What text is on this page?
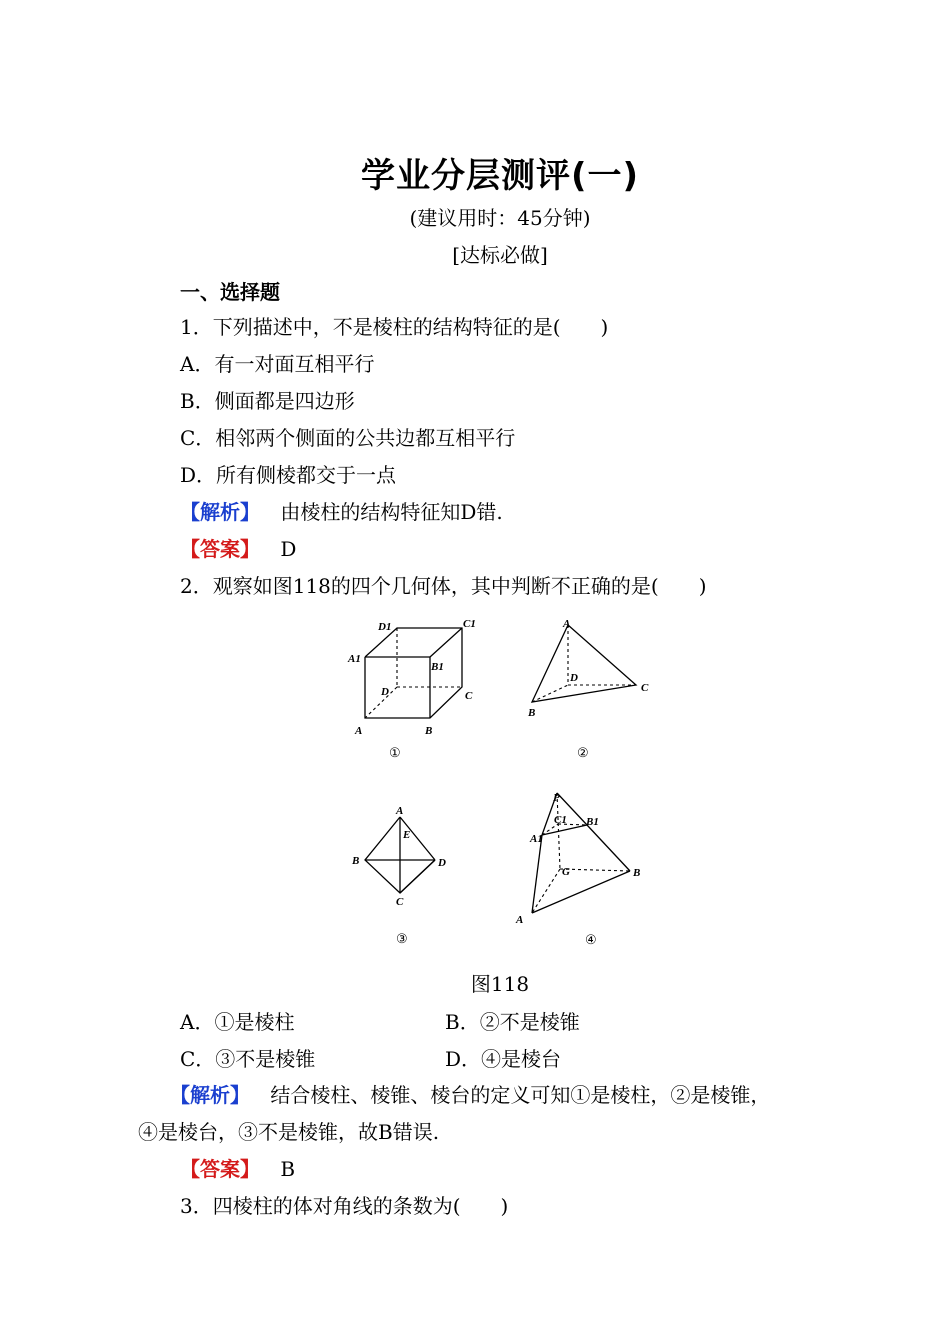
学业分层测评(一)
(建议用时：45分钟)
[达标必做]
一、选择题
1．下列描述中，不是棱柱的结构特征的是(　　)
A．有一对面互相平行
B．侧面都是四边形
C．相邻两个侧面的公共边都互相平行
D．所有侧棱都交于一点
【解析】 由棱柱的结构特征知D错.
【答案】 D
2．观察如图118的四个几何体，其中判断不正确的是(　　)
D1	C1
A1
B1
D	C
A	B
①
A
D
C
B
②
A
E
B	D
C
③
P
C1 B1
A1
G	B
A
④
图118
A．①是棱柱	B．②不是棱锥
C．③不是棱锥	D．④是棱台
【解析】 结合棱柱、棱锥、棱台的定义可知①是棱柱，②是棱锥，
④是棱台，③不是棱锥，故B错误.
【答案】 B
3．四棱柱的体对角线的条数为(　　)
